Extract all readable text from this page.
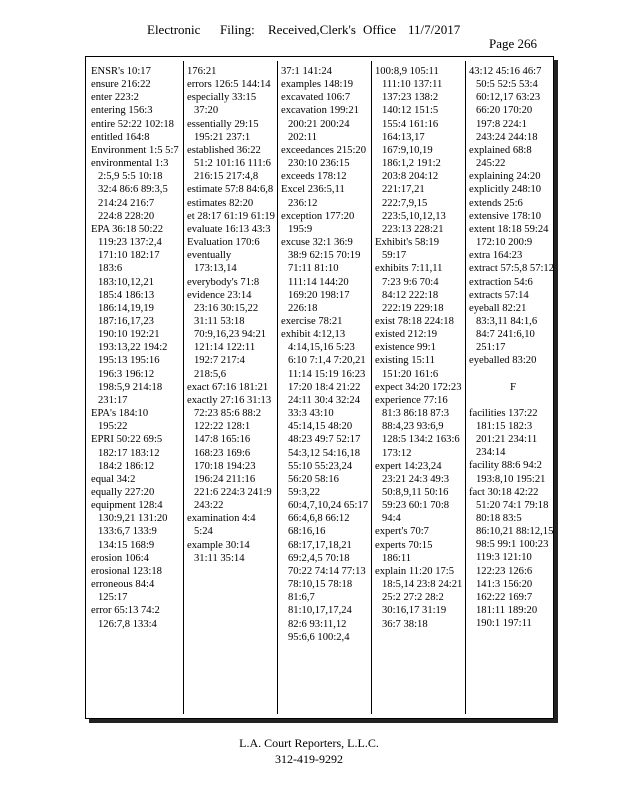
Electronic Filing: Received,Clerk's Office 11/7/2017
Page 266
ENSR's 10:17
ensure 216:22
enter 223:2
entering 156:3
entire 52:22 102:18
entitled 164:8
Environment 1:5 5:7
environmental 1:3 2:5,9 5:5 10:18 32:4 86:6 89:3,5 214:24 216:7 224:8 228:20
EPA 36:18 50:22 119:23 137:2,4 171:10 182:17 183:6 183:10,12,21 185:4 186:13 186:14,19,19 187:16,17,23 190:10 192:21 193:13,22 194:2 195:13 195:16 196:3 196:12 198:5,9 214:18 231:17
EPA's 184:10 195:22
EPRI 50:22 69:5 182:17 183:12 184:2 186:12
equal 34:2
equally 227:20
equipment 128:4 130:9,21 131:20 133:6,7 133:9 134:15 168:9
erosion 106:4
erosional 123:18
erroneous 84:4 125:17
error 65:13 74:2 126:7,8 133:4
176:21
errors 126:5 144:14
especially 33:15 37:20
essentially 29:15 195:21 237:1
established 36:22 51:2 101:16 111:6 216:15 217:4,8
estimate 57:8 84:6,8
estimates 82:20
et 28:17 61:19 61:19
evaluate 16:13 43:3
Evaluation 170:6
eventually 173:13,14
everybody's 71:8
evidence 23:14 23:16 30:15,22 31:11 53:18 70:9,16,23 94:21 121:14 122:11 192:7 217:4 218:5,6
exact 67:16 181:21
exactly 27:16 31:13 72:23 85:6 88:2 122:22 128:1 147:8 165:16 168:23 169:6 170:18 194:23 196:24 211:16 221:6 224:3 241:9 243:22
examination 4:4 5:24
example 30:14 31:11 35:14
37:1 141:24
examples 148:19
excavated 106:7
excavation 199:21 200:21 200:24 202:11
exceedances 215:20 230:10 236:15
exceeds 178:12
Excel 236:5,11 236:12
exception 177:20 195:9
excuse 32:1 36:9 38:9 62:15 70:19 71:11 81:10 111:14 144:20 169:20 198:17 226:18
exercise 78:21
exhibit 4:12,13 4:14,15,16 5:23 6:10 7:1,4 7:20,21 11:14 15:19 16:23 17:20 18:4 21:22 24:11 30:4 32:24 33:3 43:10 45:14,15 48:20 48:23 49:7 52:17 54:3,12 54:16,18 55:10 55:23,24 56:20 58:16 59:3,22 60:4,7,10,24 65:17 66:4,6,8 66:12 68:16,16 68:17,17,18,21 69:2,4,5 70:18 70:22 74:14 77:13 78:10,15 78:18 81:6,7 81:10,17,17,24 82:6 93:11,12 95:6,6 100:2,4
100:8,9 105:11 111:10 137:11 137:23 138:2 140:12 151:5 155:4 161:16 164:13,17 167:9,10,19 186:1,2 191:2 203:8 204:12 221:17,21 222:7,9,15 223:5,10,12,13 223:13 228:21
Exhibit's 58:19 59:17
exhibits 7:11,11 7:23 9:6 70:4 84:12 222:18 222:19 229:18
exist 78:18 224:18
existed 212:19
existence 99:1
existing 15:11 151:20 161:6
expect 34:20 172:23
experience 77:16 81:3 86:18 87:3 88:4,23 93:6,9 128:5 134:2 163:6 173:12
expert 14:23,24 23:21 24:3 49:3 50:8,9,11 50:16 59:23 60:1 70:8 94:4
expert's 70:7
experts 70:15 186:11
explain 11:20 17:5 18:5,14 23:8 24:21 25:2 27:2 28:2 30:16,17 31:19 36:7 38:18
43:12 45:16 46:7 50:5 52:5 53:4 60:12,17 63:23 66:20 170:20 197:8 224:1 243:24 244:18
explained 68:8 245:22
explaining 24:20
explicitly 248:10
extends 25:6
extensive 178:10
extent 18:18 59:24 172:10 200:9
extra 164:23
extract 57:5,8 57:12
extraction 54:6
extracts 57:14
eyeball 82:21 83:3,11 84:1,6 84:7 241:6,10 251:17
eyeballed 83:20
F
facilities 137:22 181:15 182:3 201:21 234:11 234:14
facility 88:6 94:2 193:8,10 195:21
fact 30:18 42:22 51:20 74:1 79:18 80:18 83:5 86:10,21 88:12,15 98:5 99:1 100:23 119:3 121:10 122:23 126:6 141:3 156:20 162:22 169:7 181:11 189:20 190:1 197:11
L.A. Court Reporters, L.L.C.
312-419-9292
